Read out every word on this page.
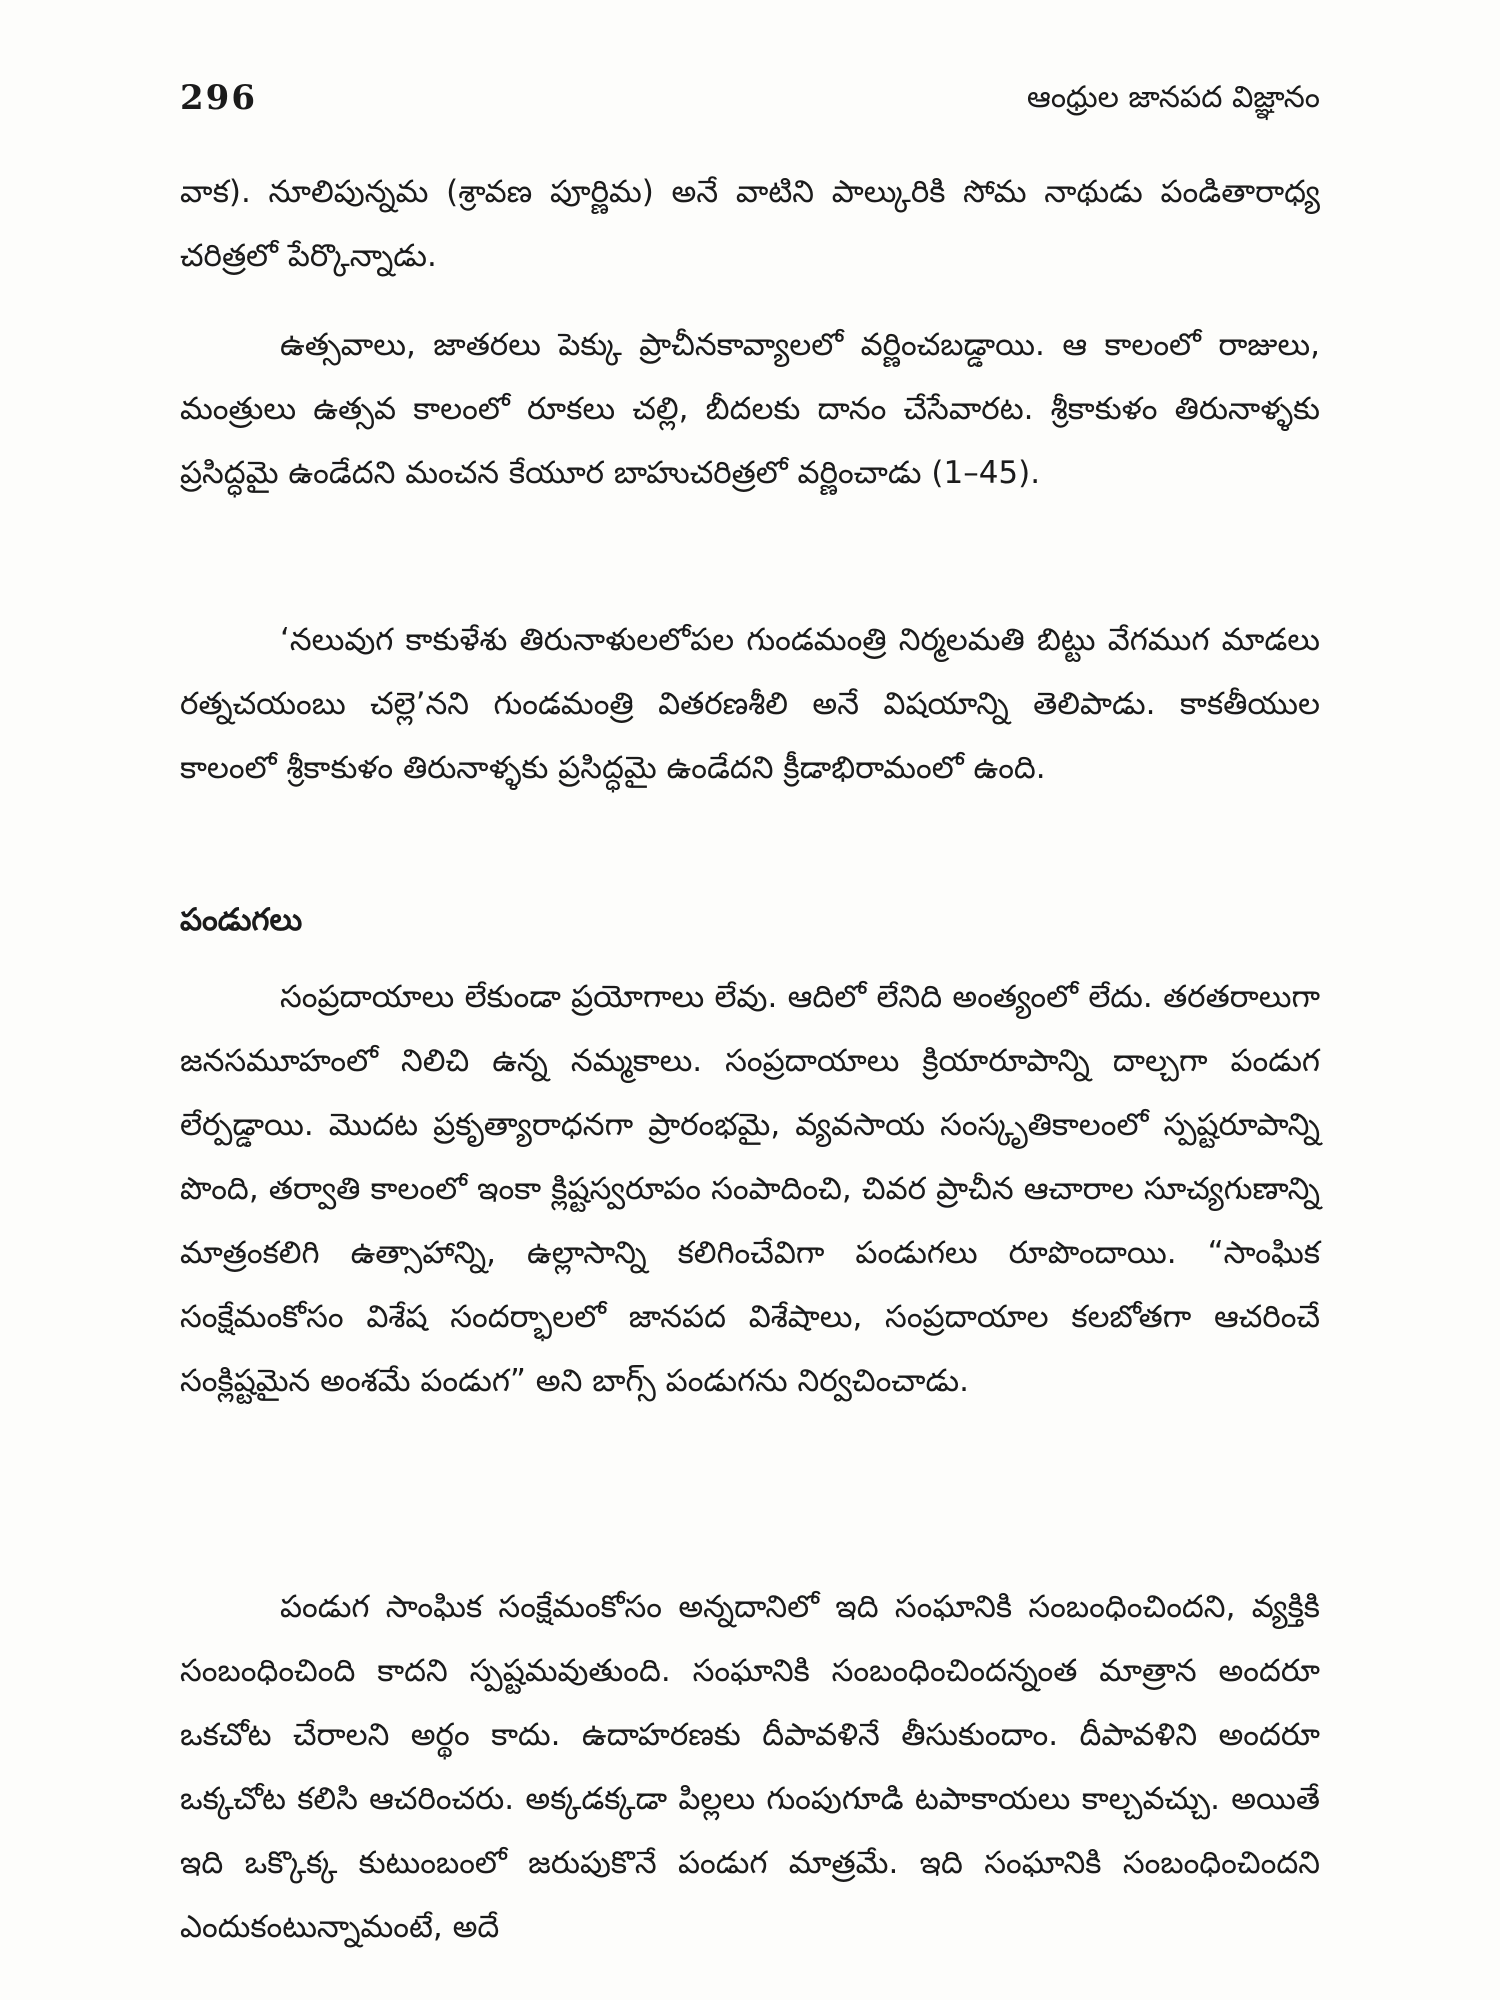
296	ఆంధ్రుల జానపద విజ్ఞానం

వాక). నూలిపున్నమ (శ్రావణ పూర్ణిమ) అనే వాటిని పాల్కురికి సోమ నాథుడు పండితారాధ్య చరిత్రలో పేర్కొన్నాడు.

ఉత్సవాలు, జాతరలు పెక్కు ప్రాచీనకావ్యాలలో వర్ణించబడ్డాయి. ఆ కాలంలో రాజులు, మంత్రులు ఉత్సవ కాలంలో రూకలు చల్లి, బీదలకు దానం చేసేవారట. శ్రీకాకుళం తిరునాళ్ళకు ప్రసిద్ధమై ఉండేదని మంచన కేయూర బాహుచరిత్రలో వర్ణించాడు (1–45).

‘నలువుగ కాకుళేశు తిరునాళులలోపల గుండమంత్రి నిర్మలమతి బిట్టు వేగముగ మాడలు రత్నచయంబు చల్లె’నని గుండమంత్రి వితరణశీలి అనే విషయాన్ని తెలిపాడు. కాకతీయుల కాలంలో శ్రీకాకుళం తిరునాళ్ళకు ప్రసిద్ధమై ఉండేదని క్రీడాభిరామంలో ఉంది.

పండుగలు

సంప్రదాయాలు లేకుండా ప్రయోగాలు లేవు. ఆదిలో లేనిది అంత్యంలో లేదు. తరతరాలుగా జనసమూహంలో నిలిచి ఉన్న నమ్మకాలు. సంప్రదాయాలు క్రియారూపాన్ని దాల్చగా పండుగ లేర్పడ్డాయి. మొదట ప్రకృత్యారాధనగా ప్రారంభమై, వ్యవసాయ సంస్కృతికాలంలో స్పష్టరూపాన్ని పొంది, తర్వాతి కాలంలో ఇంకా క్లిష్టస్వరూపం సంపాదించి, చివర ప్రాచీన ఆచారాల సూచ్యగుణాన్ని మాత్రంకలిగి ఉత్సాహాన్ని, ఉల్లాసాన్ని కలిగించేవిగా పండుగలు రూపొందాయి. “సాంఘిక సంక్షేమంకోసం విశేష సందర్భాలలో జానపద విశేషాలు, సంప్రదాయాల కలబోతగా ఆచరించే సంక్లిష్టమైన అంశమే పండుగ” అని బాగ్స్ పండుగను నిర్వచించాడు.

పండుగ సాంఘిక సంక్షేమంకోసం అన్నదానిలో ఇది సంఘానికి సంబంధించిందని, వ్యక్తికి సంబంధించింది కాదని స్పష్టమవుతుంది. సంఘానికి సంబంధించిందన్నంత మాత్రాన అందరూ ఒకచోట చేరాలని అర్థం కాదు. ఉదాహరణకు దీపావళినే తీసుకుందాం. దీపావళిని అందరూ ఒక్కచోట కలిసి ఆచరించరు. అక్కడక్కడా పిల్లలు గుంపుగూడి టపాకాయలు కాల్చవచ్చు. అయితే ఇది ఒక్కొక్క కుటుంబంలో జరుపుకొనే పండుగ మాత్రమే. ఇది సంఘానికి సంబంధించిందని ఎందుకంటున్నామంటే, అదే
